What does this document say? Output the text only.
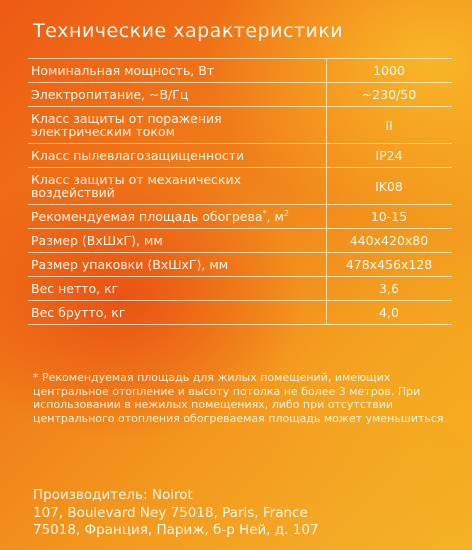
Технические характеристики
Номинальная мощность, Вт	1000
Электропитание, ~В/Гц	~230/50
Класс защиты от поражения электрическим током	II
Класс пылевлагозащищенности	IP24
Класс защиты от механических воздействий	IK08
Рекомендуемая площадь обогрева*, $м^2$	10-15
Размер (ВхШхГ), мм	440x420x80
Размер упаковки (ВхШхГ), мм	478x456x128
Вес нетто, кг	3,6
Вес брутто, кг	4,0
* Рекомендуемая площадь для жилых помещений, имеющих центральное отопление и высоту потолка не более 3 метров. При использовании в нежилых помещениях, либо при отсутствии центрального отопления обогреваемая площадь может уменьшиться
Производитель: Noirot
107, Boulevard Ney 75018, Paris, France
75018, Франция, Париж, б-р Ней, д. 107
